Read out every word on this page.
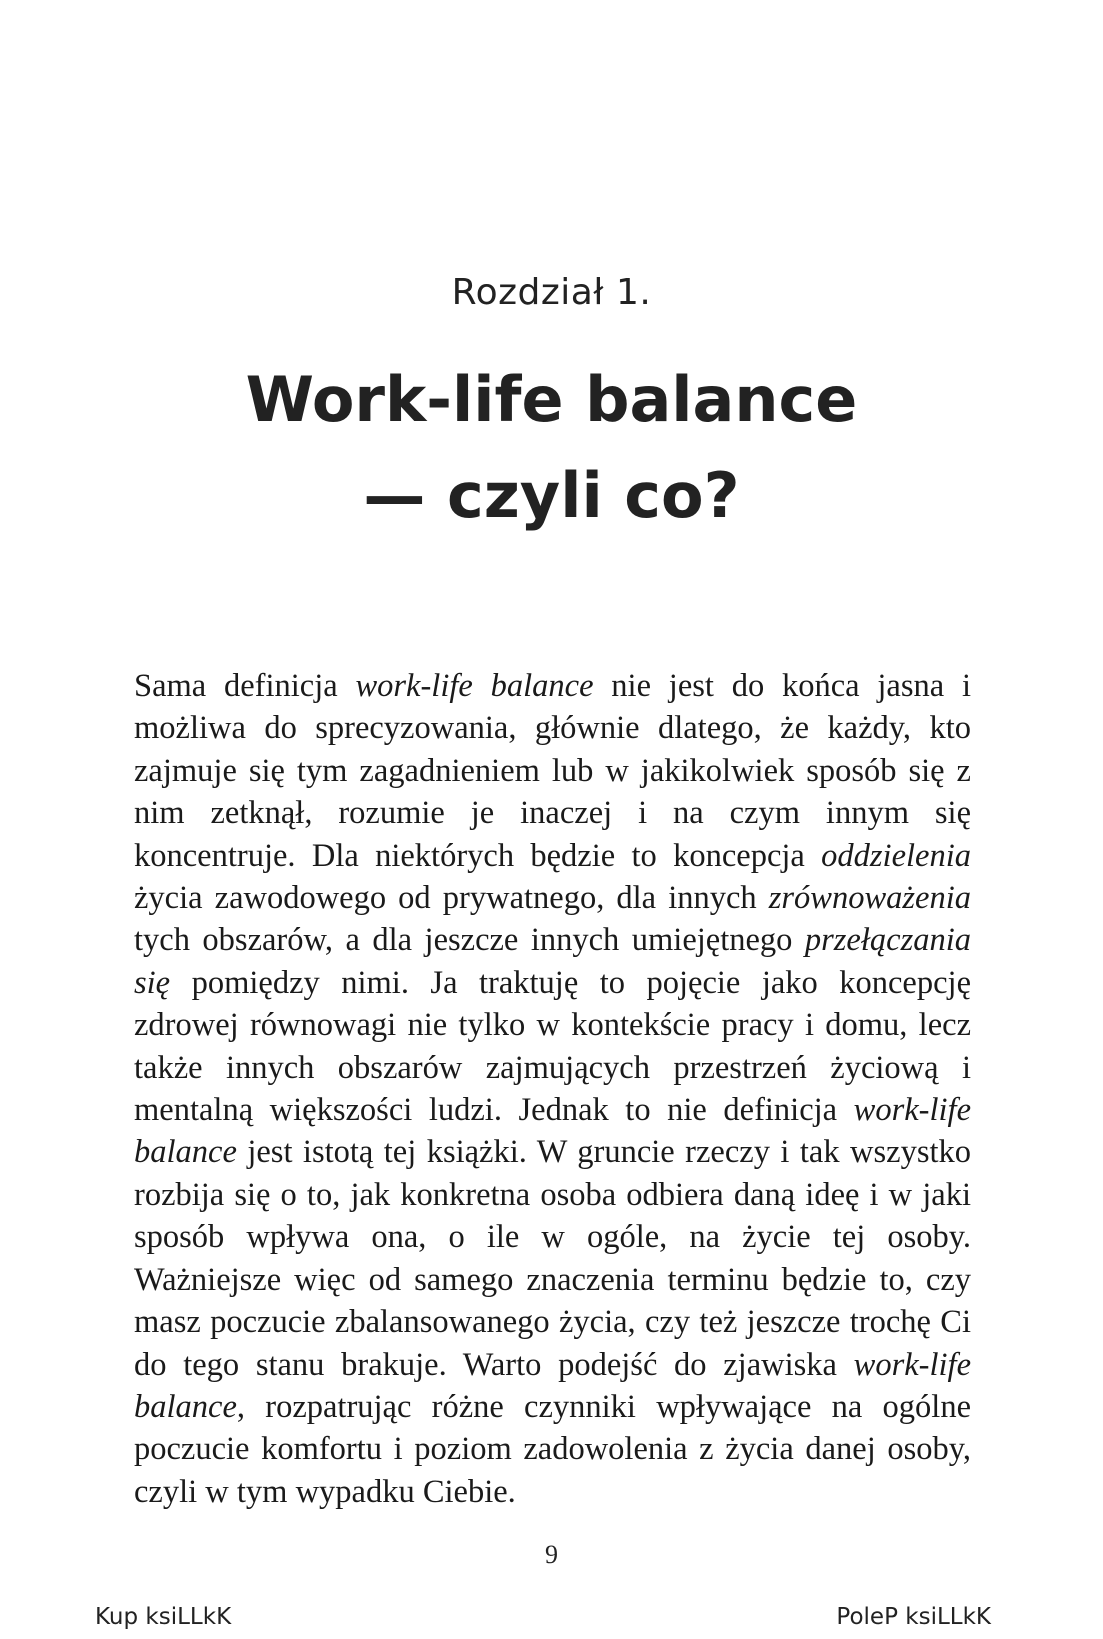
Rozdział 1.
Work-life balance
— czyli co?

Sama definicja work-life balance nie jest do końca jasna i możliwa do sprecyzowania, głównie dlatego, że każdy, kto zajmuje się tym zagadnieniem lub w jakikolwiek sposób się z nim zetknął, rozumie je inaczej i na czym innym się koncentruje. Dla niektórych będzie to koncepcja oddzielenia życia zawodowego od prywatnego, dla innych zrównoważenia tych obszarów, a dla jeszcze innych umiejętnego przełączania się pomiędzy nimi. Ja traktuję to pojęcie jako koncepcję zdrowej równowagi nie tylko w kontekście pracy i domu, lecz także innych obszarów zajmujących przestrzeń życiową i mentalną większości ludzi. Jednak to nie definicja work-life balance jest istotą tej książki. W gruncie rzeczy i tak wszystko rozbija się o to, jak konkretna osoba odbiera daną ideę i w jaki sposób wpływa ona, o ile w ogóle, na życie tej osoby. Ważniejsze więc od samego znaczenia terminu będzie to, czy masz poczucie zbalansowanego życia, czy też jeszcze trochę Ci do tego stanu brakuje. Warto podejść do zjawiska work-life balance, rozpatrując różne czynniki wpływające na ogólne poczucie komfortu i poziom zadowolenia z życia danej osoby, czyli w tym wypadku Ciebie.

9
Kup ksiLLkK	PoleP ksiLLkK
